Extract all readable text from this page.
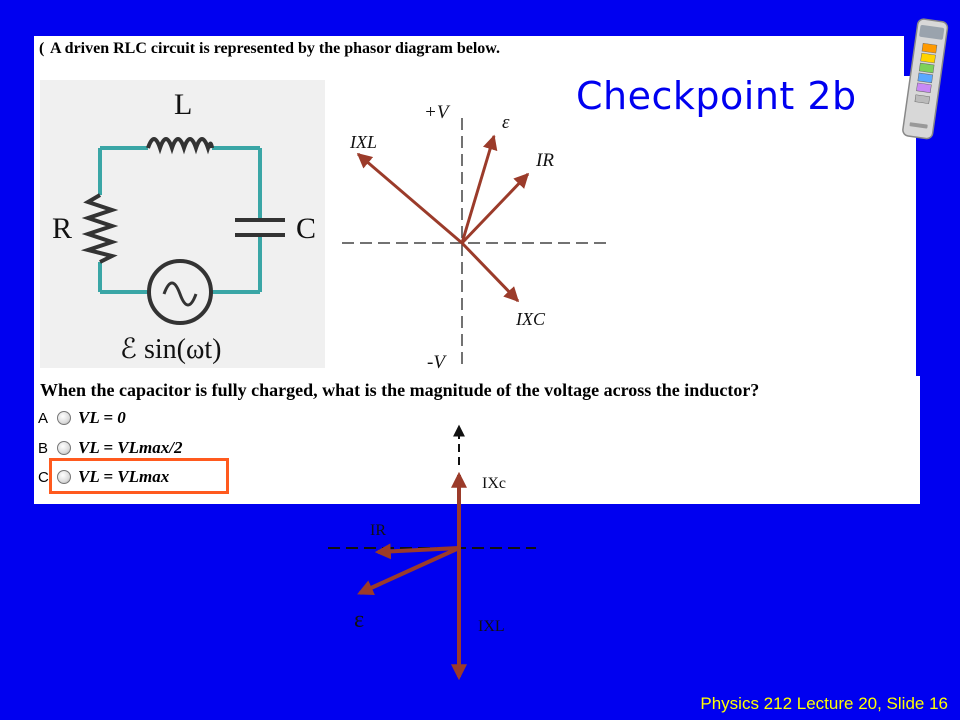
( A driven RLC circuit is represented by the phasor diagram below.
Checkpoint 2b
L
R	C
ℰ sin(ωt)
+V
-V
IXL
ε
IR
IXC
When the capacitor is fully charged, what is the magnitude of the voltage across the inductor?
A VL = 0
B VL = VLmax/2
C VL = VLmax	IXc
IR
ε	IXL
Physics 212 Lecture 20, Slide 16
